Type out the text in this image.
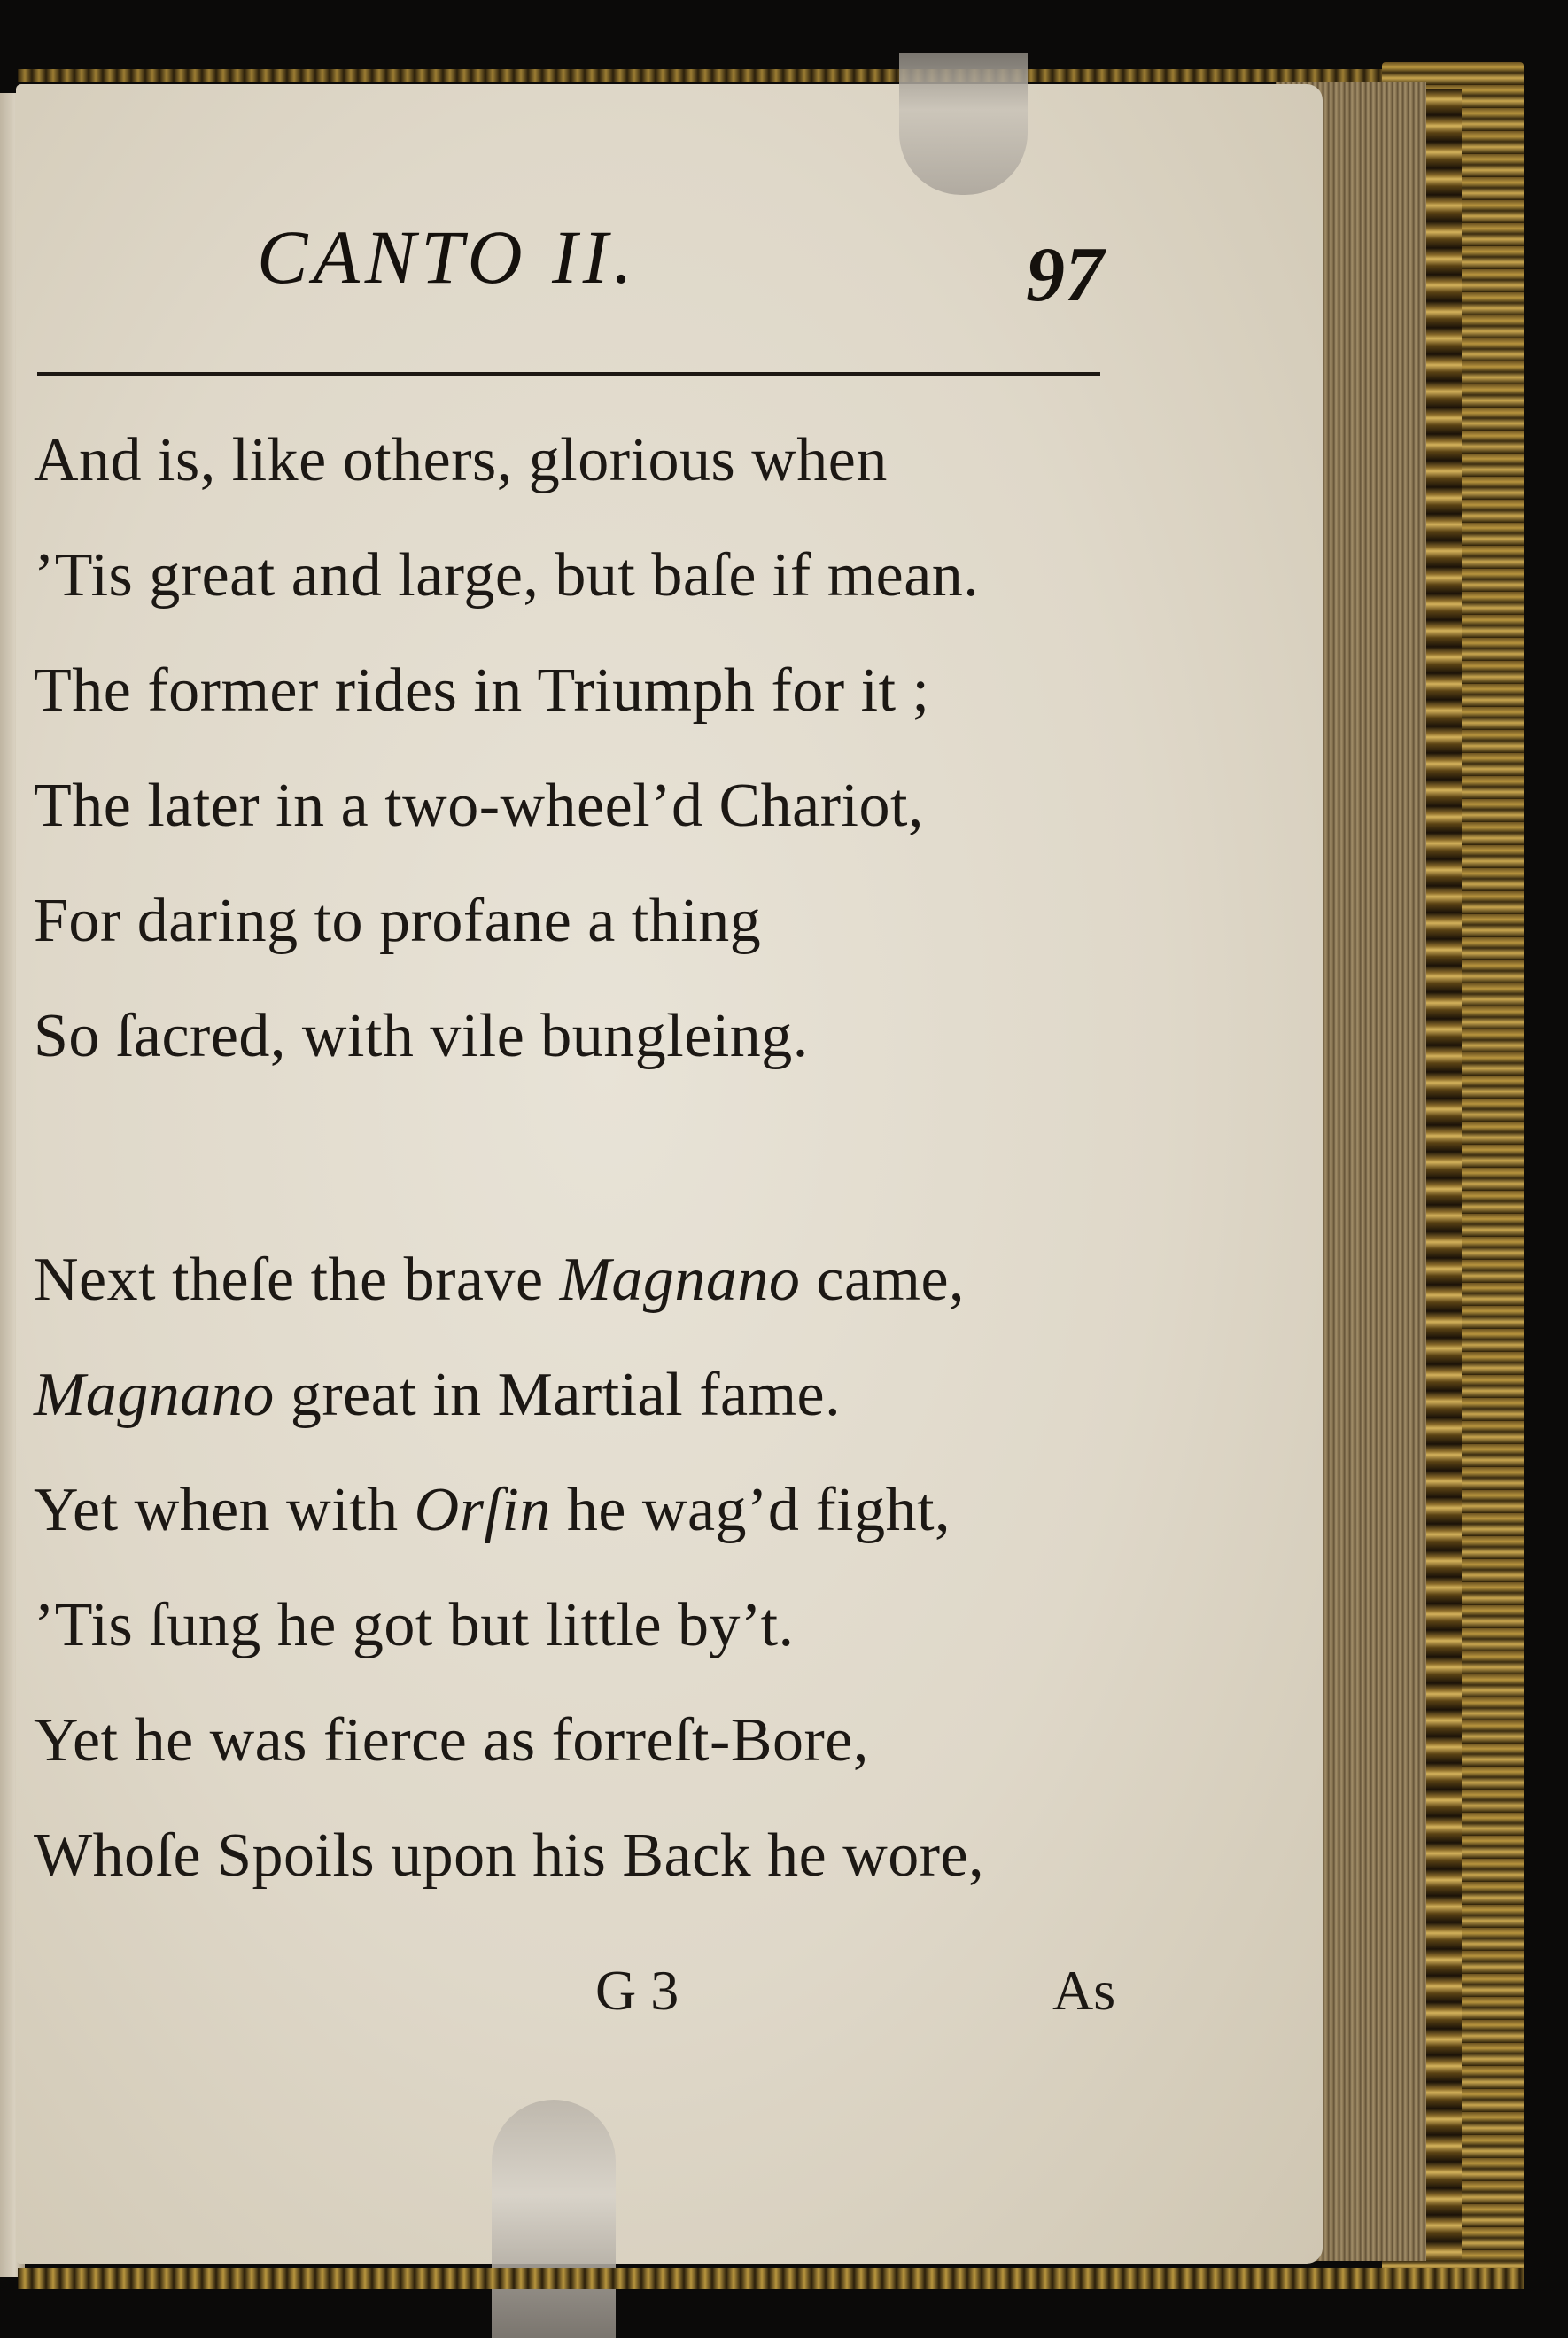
CANTO II.	97
And is, like others, glorious when
’Tis great and large, but baſe if mean.
The former rides in Triumph for it ;
The later in a two-wheel’d Chariot,
For daring to profane a thing
So ſacred, with vile bungleing.
Next theſe the brave Magnano came,
Magnano great in Martial fame.
Yet when with Orſin he wag’d fight,
’Tis ſung he got but little by’t.
Yet he was fierce as forreſt-Bore,
Whoſe Spoils upon his Back he wore,
G 3	As
